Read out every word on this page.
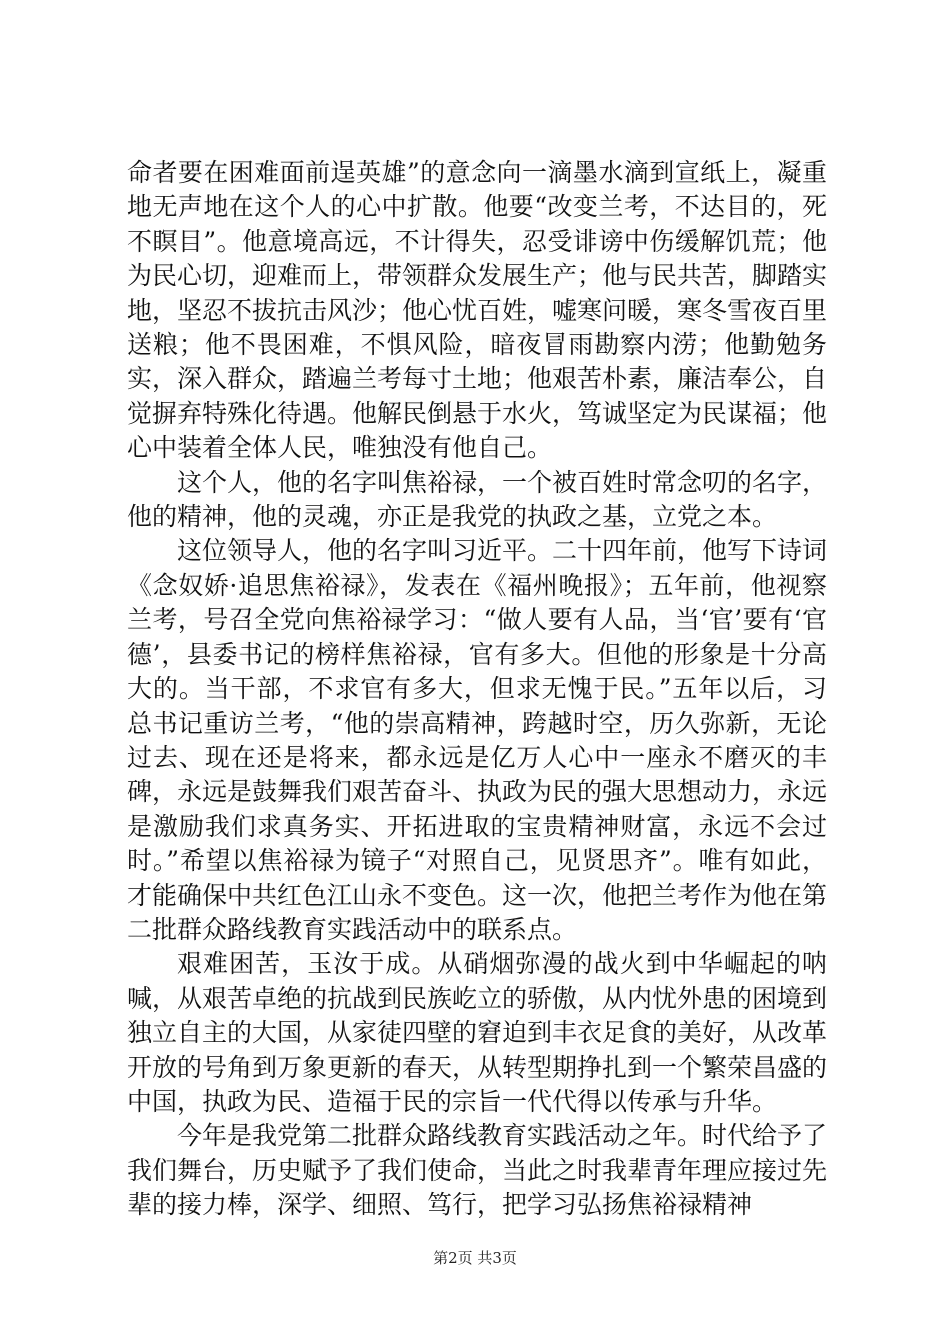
命者要在困难面前逞英雄”的意念向一滴墨水滴到宣纸上，凝重地无声地在这个人的心中扩散。他要“改变兰考，不达目的，死不瞑目”。他意境高远，不计得失，忍受诽谤中伤缓解饥荒；他为民心切，迎难而上，带领群众发展生产；他与民共苦，脚踏实地，坚忍不拔抗击风沙；他心忧百姓，嘘寒问暖，寒冬雪夜百里送粮；他不畏困难，不惧风险，暗夜冒雨勘察内涝；他勤勉务实，深入群众，踏遍兰考每寸土地；他艰苦朴素，廉洁奉公，自觉摒弃特殊化待遇。他解民倒悬于水火，笃诚坚定为民谋福；他心中装着全体人民，唯独没有他自己。

这个人，他的名字叫焦裕禄，一个被百姓时常念叨的名字，他的精神，他的灵魂，亦正是我党的执政之基，立党之本。

这位领导人，他的名字叫习近平。二十四年前，他写下诗词《念奴娇·追思焦裕禄》，发表在《福州晚报》；五年前，他视察兰考，号召全党向焦裕禄学习：“做人要有人品，当‘官’要有‘官德’，县委书记的榜样焦裕禄，官有多大。但他的形象是十分高大的。当干部，不求官有多大，但求无愧于民。”五年以后，习总书记重访兰考，“他的崇高精神，跨越时空，历久弥新，无论过去、现在还是将来，都永远是亿万人心中一座永不磨灭的丰碑，永远是鼓舞我们艰苦奋斗、执政为民的强大思想动力，永远是激励我们求真务实、开拓进取的宝贵精神财富，永远不会过时。”希望以焦裕禄为镜子“对照自己，见贤思齐”。唯有如此，才能确保中共红色江山永不变色。这一次，他把兰考作为他在第二批群众路线教育实践活动中的联系点。

艰难困苦，玉汝于成。从硝烟弥漫的战火到中华崛起的呐喊，从艰苦卓绝的抗战到民族屹立的骄傲，从内忧外患的困境到独立自主的大国，从家徒四壁的窘迫到丰衣足食的美好，从改革开放的号角到万象更新的春天，从转型期挣扎到一个繁荣昌盛的中国，执政为民、造福于民的宗旨一代代得以传承与升华。

今年是我党第二批群众路线教育实践活动之年。时代给予了我们舞台，历史赋予了我们使命，当此之时我辈青年理应接过先辈的接力棒，深学、细照、笃行，把学习弘扬焦裕禄精神

第2页 共3页
